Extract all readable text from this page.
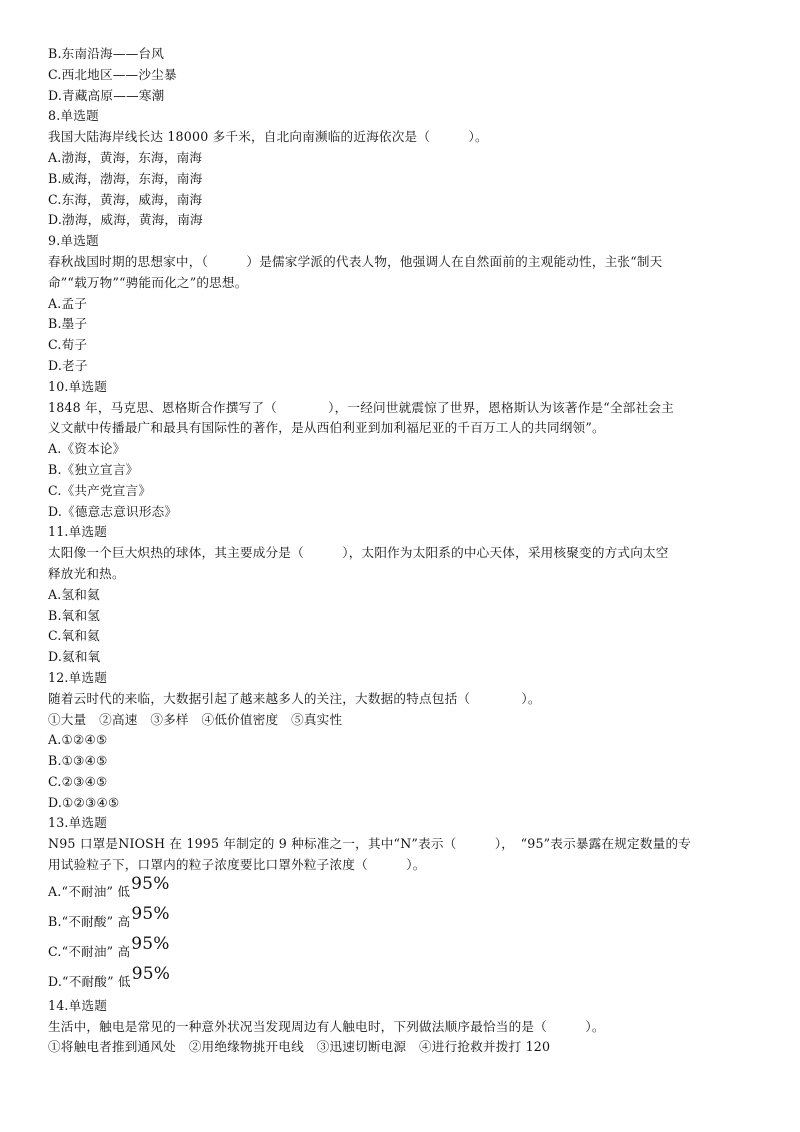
B.东南沿海——台风
C.西北地区——沙尘暴
D.青藏高原——寒潮
8.单选题
我国大陆海岸线长达 18000 多千米，自北向南濒临的近海依次是（　　　）。
A.渤海，黄海，东海，南海
B.威海，渤海，东海，南海
C.东海，黄海，威海，南海
D.渤海，威海，黄海，南海
9.单选题
春秋战国时期的思想家中，（　　　）是儒家学派的代表人物，他强调人在自然面前的主观能动性，主张“制天
命”“载万物”“骋能而化之”的思想。
A.孟子
B.墨子
C.荀子
D.老子
10.单选题
1848 年，马克思、恩格斯合作撰写了（　　　　），一经问世就震惊了世界，恩格斯认为该著作是“全部社会主
义文献中传播最广和最具有国际性的著作，是从西伯利亚到加利福尼亚的千百万工人的共同纲领”。
A.《资本论》
B.《独立宣言》
C.《共产党宣言》
D.《德意志意识形态》
11.单选题
太阳像一个巨大炽热的球体，其主要成分是（　　　），太阳作为太阳系的中心天体，采用核聚变的方式向太空
释放光和热。
A.氢和氦
B.氧和氢
C.氧和氦
D.氦和氧
12.单选题
随着云时代的来临，大数据引起了越来越多人的关注，大数据的特点包括（　　　　）。
①大量　②高速　③多样　④低价值密度　⑤真实性
A.①②④⑤
B.①③④⑤
C.②③④⑤
D.①②③④⑤
13.单选题
N95 口罩是NIOSH 在 1995 年制定的 9 种标准之一，其中“N”表示（　　　），　“95”表示暴露在规定数量的专
用试验粒子下，口罩内的粒子浓度要比口罩外粒子浓度（　　　）。
A.“不耐油” 低95%
B.“不耐酸” 高95%
C.“不耐油” 高95%
D.“不耐酸” 低95%
14.单选题
生活中，触电是常见的一种意外状况当发现周边有人触电时，下列做法顺序最恰当的是（　　　）。
①将触电者推到通风处　②用绝缘物挑开电线　③迅速切断电源　④进行抢救并拨打 120
